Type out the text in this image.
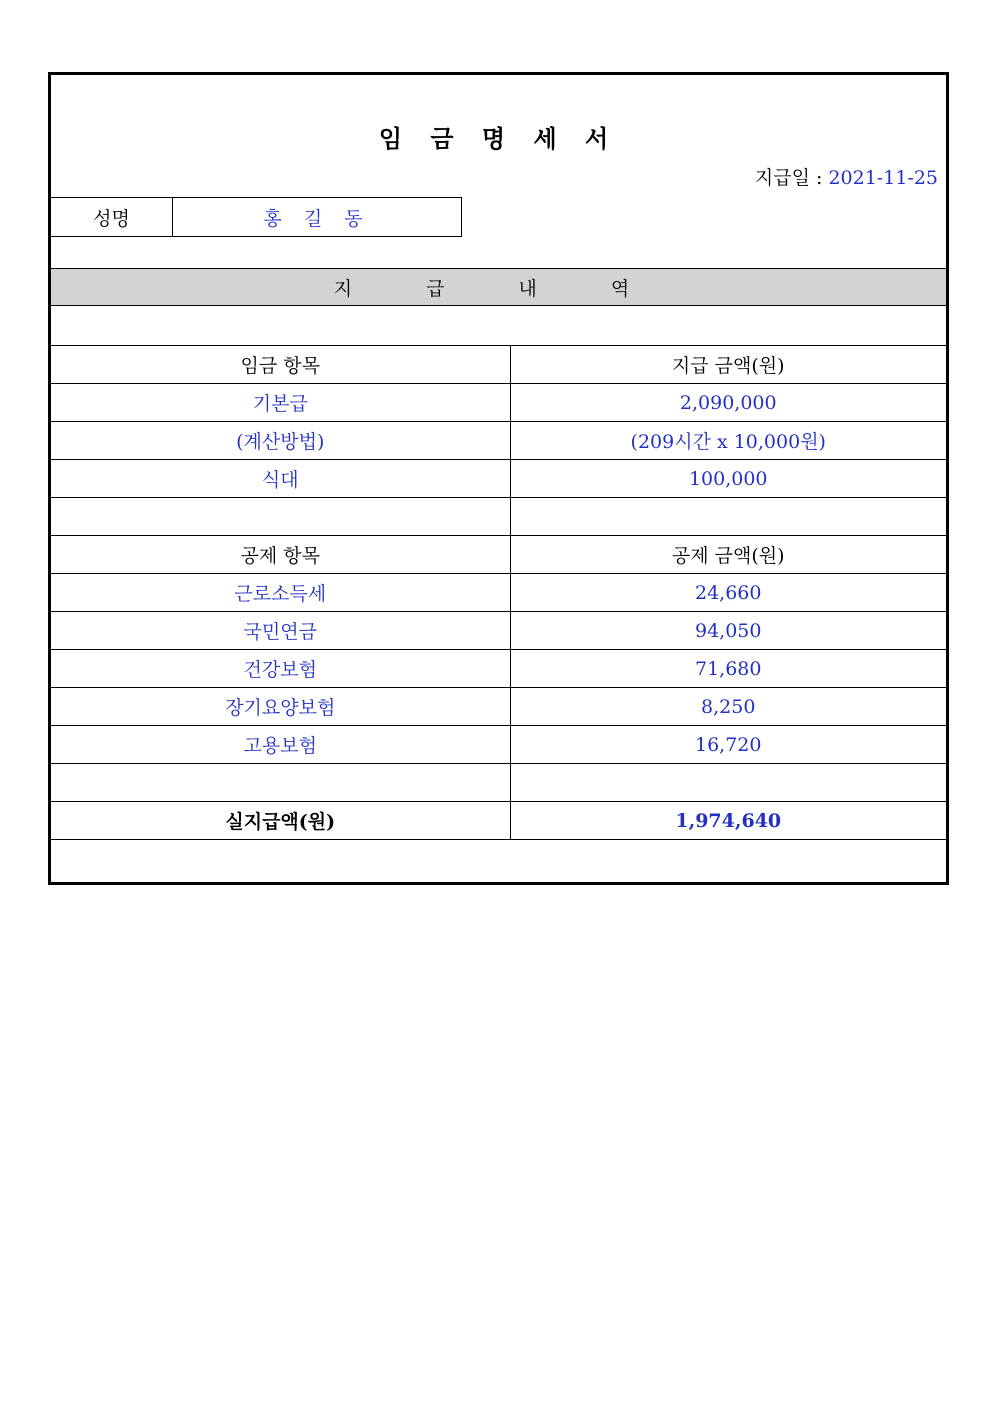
임 금 명 세 서
지급일 : 2021-11-25
성명	홍 길 동
지 급 내 역
임금 항목	지급 금액(원)
기본급	2,090,000
(계산방법)	(209시간 x 10,000원)
식대	100,000

공제 항목	공제 금액(원)
근로소득세	24,660
국민연금	94,050
건강보험	71,680
장기요양보험	8,250
고용보험	16,720

실지급액(원)	1,974,640
